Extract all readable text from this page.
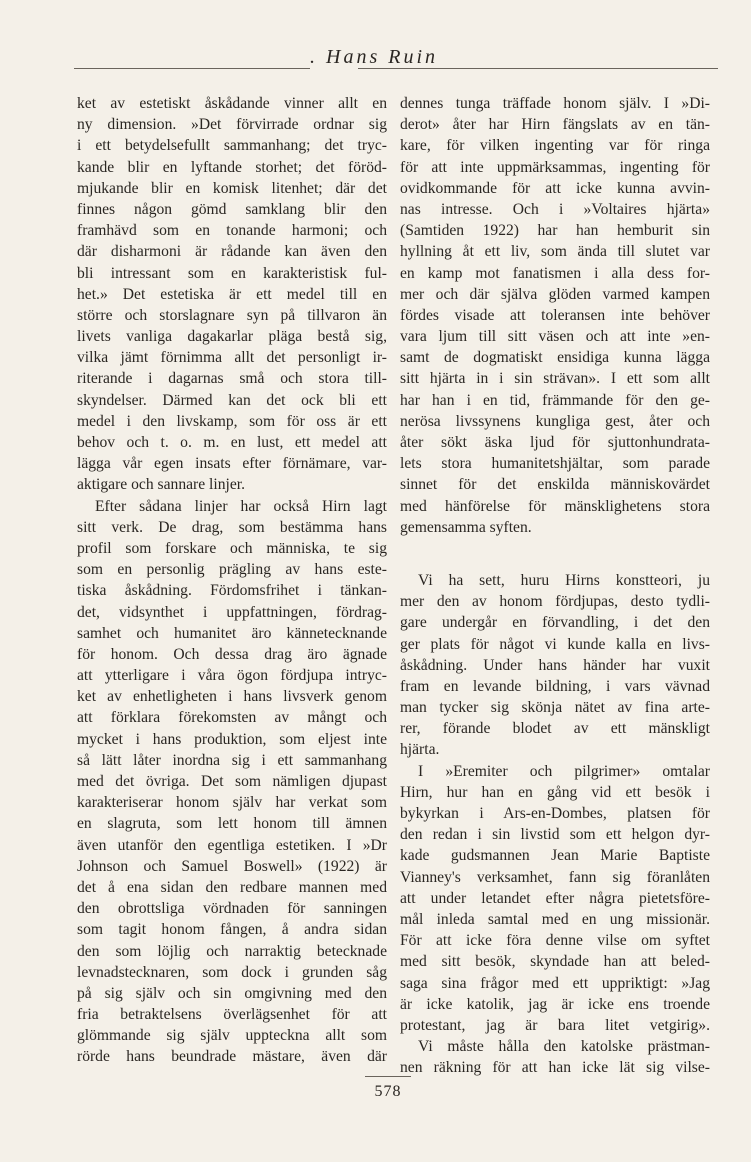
. Hans Ruin
ket av estetiskt åskådande vinner allt en
ny dimension. »Det förvirrade ordnar sig
i ett betydelsefullt sammanhang; det tryc-
kande blir en lyftande storhet; det föröd-
mjukande blir en komisk litenhet; där det
finnes någon gömd samklang blir den
framhävd som en tonande harmoni; och
där disharmoni är rådande kan även den
bli intressant som en karakteristisk ful-
het.» Det estetiska är ett medel till en
större och storslagnare syn på tillvaron än
livets vanliga dagakarlar pläga bestå sig,
vilka jämt förnimma allt det personligt ir-
riterande i dagarnas små och stora till-
skyndelser. Därmed kan det ock bli ett
medel i den livskamp, som för oss är ett
behov och t. o. m. en lust, ett medel att
lägga vår egen insats efter förnämare, var-
aktigare och sannare linjer.
Efter sådana linjer har också Hirn lagt
sitt verk. De drag, som bestämma hans
profil som forskare och människa, te sig
som en personlig prägling av hans este-
tiska åskådning. Fördomsfrihet i tänkan-
det, vidsynthet i uppfattningen, fördrag-
samhet och humanitet äro kännetecknande
för honom. Och dessa drag äro ägnade
att ytterligare i våra ögon fördjupa intryc-
ket av enhetligheten i hans livsverk genom
att förklara förekomsten av mångt och
mycket i hans produktion, som eljest inte
så lätt låter inordna sig i ett sammanhang
med det övriga. Det som nämligen djupast
karakteriserar honom själv har verkat som
en slagruta, som lett honom till ämnen
även utanför den egentliga estetiken. I »Dr
Johnson och Samuel Boswell» (1922) är
det å ena sidan den redbare mannen med
den obrottsliga vördnaden för sanningen
som tagit honom fången, å andra sidan
den som löjlig och narraktig betecknade
levnadstecknaren, som dock i grunden såg
på sig själv och sin omgivning med den
fria betraktelsens överlägsenhet för att
glömmande sig själv uppteckna allt som
rörde hans beundrade mästare, även där
dennes tunga träffade honom själv. I »Di-
derot» åter har Hirn fängslats av en tän-
kare, för vilken ingenting var för ringa
för att inte uppmärksammas, ingenting för
ovidkommande för att icke kunna avvin-
nas intresse. Och i »Voltaires hjärta»
(Samtiden 1922) har han hemburit sin
hyllning åt ett liv, som ända till slutet var
en kamp mot fanatismen i alla dess for-
mer och där själva glöden varmed kampen
fördes visade att toleransen inte behöver
vara ljum till sitt väsen och att inte »en-
samt de dogmatiskt ensidiga kunna lägga
sitt hjärta in i sin strävan». I ett som allt
har han i en tid, främmande för den ge-
nerösa livssynens kungliga gest, åter och
åter sökt äska ljud för sjuttonhundrata-
lets stora humanitetshjältar, som parade
sinnet för det enskilda människovärdet
med hänförelse för mänsklighetens stora
gemensamma syften.
Vi ha sett, huru Hirns konstteori, ju
mer den av honom fördjupas, desto tydli-
gare undergår en förvandling, i det den
ger plats för något vi kunde kalla en livs-
åskådning. Under hans händer har vuxit
fram en levande bildning, i vars vävnad
man tycker sig skönja nätet av fina arte-
rer, förande blodet av ett mänskligt
hjärta.
I »Eremiter och pilgrimer» omtalar
Hirn, hur han en gång vid ett besök i
bykyrkan i Ars-en-Dombes, platsen för
den redan i sin livstid som ett helgon dyr-
kade gudsmannen Jean Marie Baptiste
Vianney's verksamhet, fann sig föranlåten
att under letandet efter några pietetsföre-
mål inleda samtal med en ung missionär.
För att icke föra denne vilse om syftet
med sitt besök, skyndade han att beled-
saga sina frågor med ett uppriktigt: »Jag
är icke katolik, jag är icke ens troende
protestant, jag är bara litet vetgirig».
Vi måste hålla den katolske prästman-
nen räkning för att han icke lät sig vilse-
578
